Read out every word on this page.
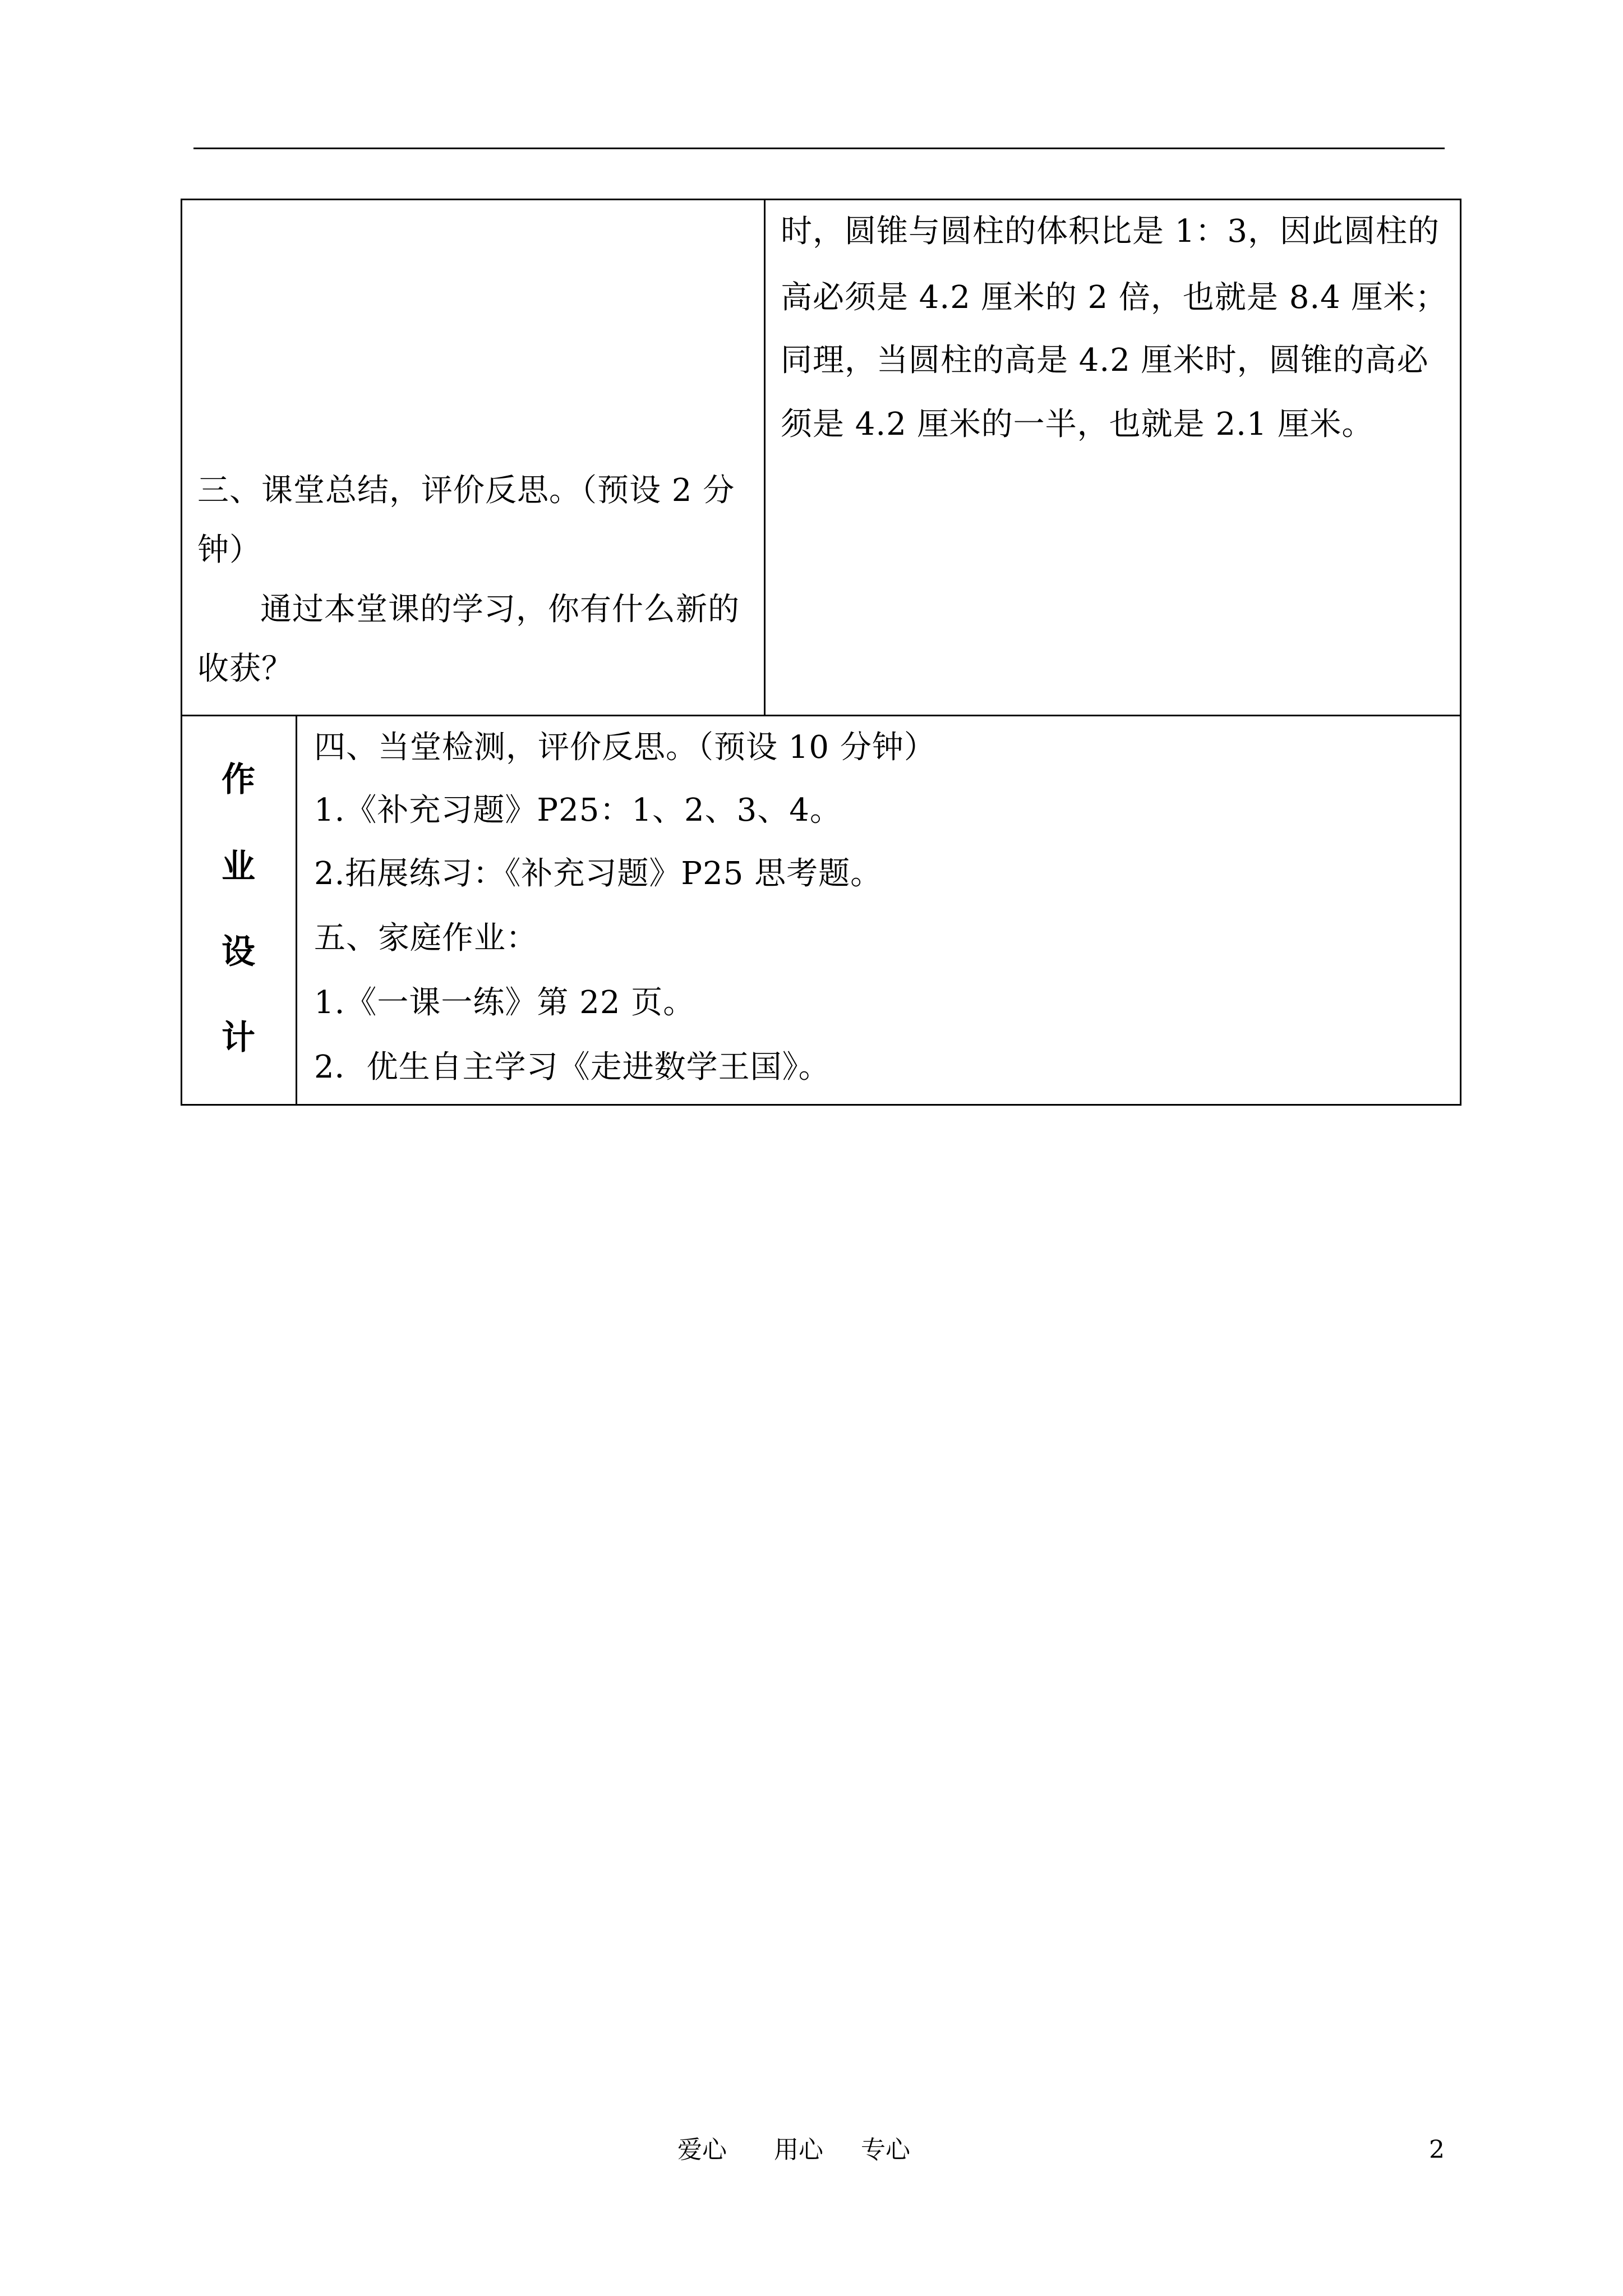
三、课堂总结，评价反思。（预设 2 分钟）
通过本堂课的学习，你有什么新的收获？
时，圆锥与圆柱的体积比是 1：3，因此圆柱的
高必须是 4.2 厘米的 2 倍，也就是 8.4 厘米；
同理，当圆柱的高是 4.2 厘米时，圆锥的高必
须是 4.2 厘米的一半，也就是 2.1 厘米。
作
业
设
计
四、当堂检测，评价反思。（预设 10 分钟）
1.《补充习题》P25：1、2、3、4。
2.拓展练习：《补充习题》P25 思考题。
五、家庭作业：
1.《一课一练》第 22 页。
2．优生自主学习《走进数学王国》。
爱心 用心 专心	2
